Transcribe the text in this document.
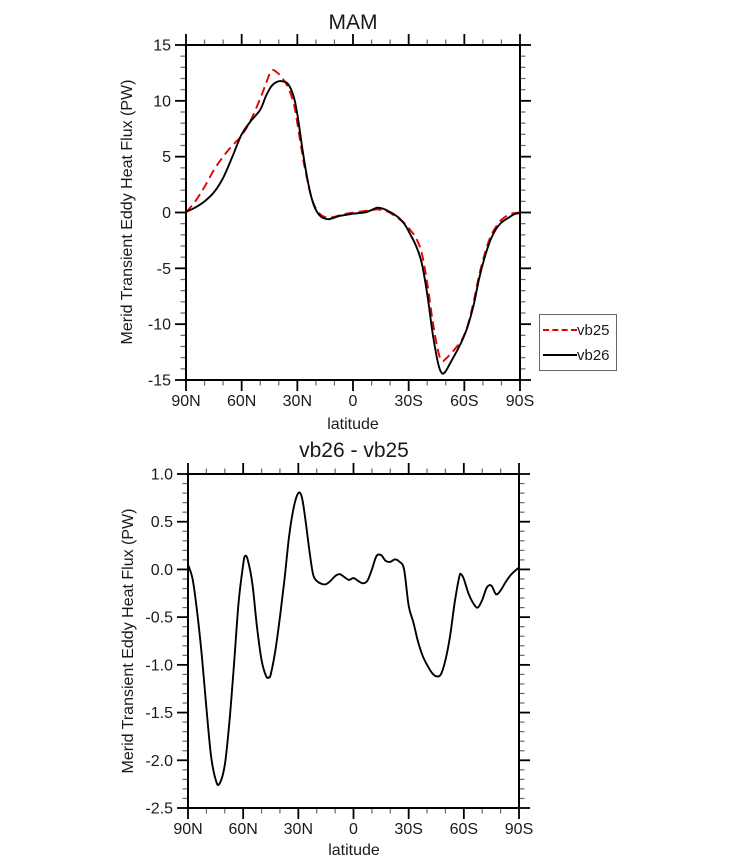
90N 60N 30N 0 30S 60S 90S
15
10
5
0
-5
-10
-15
90N 60N 30N 0 30S 60S 90S
1.0
0.5
0.0
-0.5
-1.0
-1.5
-2.0
-2.5
MAM
Merid Transient Eddy Heat Flux (PW)
latitude
vb26 - vb25
Merid Transient Eddy Heat Flux (PW)
latitude
vb25
vb26
